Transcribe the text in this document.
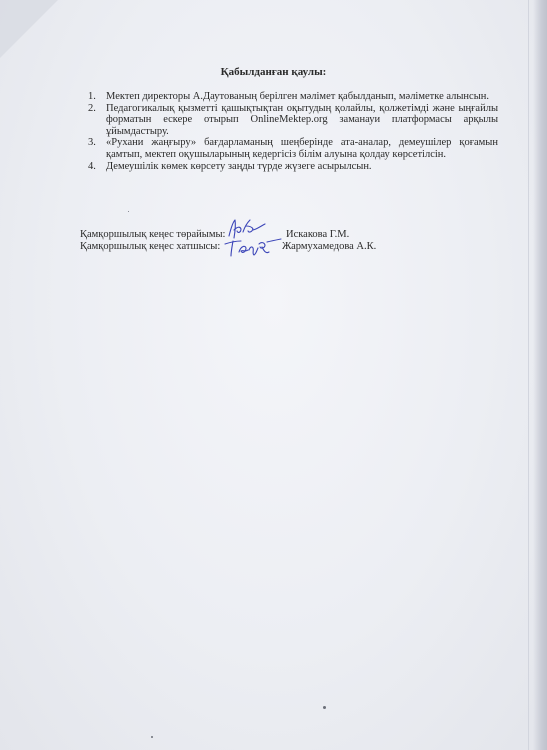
Қабылданған қаулы:
1. Мектеп директоры А.Даутованың берілген мәлімет қабылданып, мәліметке алынсын.
2. Педагогикалық қызметті қашықтықтан оқытудың қолайлы, қолжетімді және ыңғайлы форматын ескере отырып OnlineMektep.org заманауи платформасы арқылы ұйымдастыру.
3. «Рухани жаңғыру» бағдарламаның шеңберінде ата-аналар, демеушілер қоғамын қамтып, мектеп оқушыларының кедергісіз білім алуына қолдау көрсетілсін.
4. Демеушілік көмек көрсету заңды түрде жүзеге асырылсын.
Қамқоршылық кеңес төрайымы:	Искакова Г.М.
Қамқоршылық кеңес хатшысы:	Жармухамедова А.К.
